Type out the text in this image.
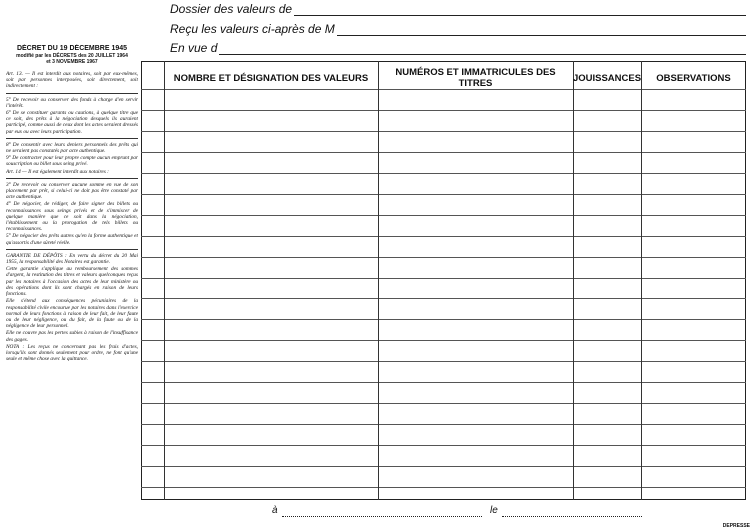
Dossier des valeurs de
Reçu les valeurs ci-après de M
En vue d
DÉCRET DU 19 DÉCEMBRE 1945
modifié par les DÉCRETS des 20 JUILLET 1964
et 3 NOVEMBRE 1967

Art. 13. — Il est interdit aux notaires, soit par eux-mêmes, soit par personnes interposées, soit directement, soit indirectement :

5° De recevoir ou conserver des fonds à charge d'en servir l'intérêt.

6° De se constituer garants ou cautions, à quelque titre que ce soit, des prêts à la négociation desquels ils auraient participé, comme aussi de ceux dont les actes seraient dressés par eux ou avec leurs participation.

8° De consentir avec leurs deniers personnels des prêts qui ne seraient pas constatés par acte authentique.

9° De contracter pour leur propre compte aucun emprunt par souscription ou billet sous seing privé.

Art. 14 — Il est également interdit aux notaires :

3° De recevoir ou conserver aucune somme en vue de son placement par prêt, si celui-ci ne doit pas être constaté par acte authentique.

4° De négocier, de rédiger, de faire signer des billets ou reconnaissances sous seings privés et de s'immiscer de quelque manière que ce soit dans la négociation, l'établissement ou la prorogation de tels billets ou reconnaissances.

5° De négocier des prêts autres qu'en la forme authentique et qu'assortis d'une sûreté réelle.

GARANTIE DE DÉPÔTS : En vertu du décret du 20 Mai 1955, la responsabilité des Notaires est garantie.

Cette garantie s'applique au remboursement des sommes d'argent, la restitution des titres et valeurs quelconques reçus par les notaires à l'occasion des actes de leur ministère ou des opérations dont ils sont chargés en raison de leurs fonctions.

Elle s'étend aux conséquences pécuniaires de la responsabilité civile encourue par les notaires dans l'exercice normal de leurs fonctions à raison de leur fait, de leur faute ou de leur négligence, ou du fait, de la faute ou de la négligence de leur personnel.

Elle ne couvre pas les pertes subies à raison de l'insuffisance des gages.

NOTA : Les reçus ne concernant pas les frais d'actes, lorsqu'ils sont donnés seulement pour ordre, ne font qu'une seule et même chose avec la quittance.

NOMBRE ET DÉSIGNATION DES VALEURS	NUMÉROS ET IMMATRICULES DES TITRES	JOUISSANCES	OBSERVATIONS
à	le
DEPRESSE
